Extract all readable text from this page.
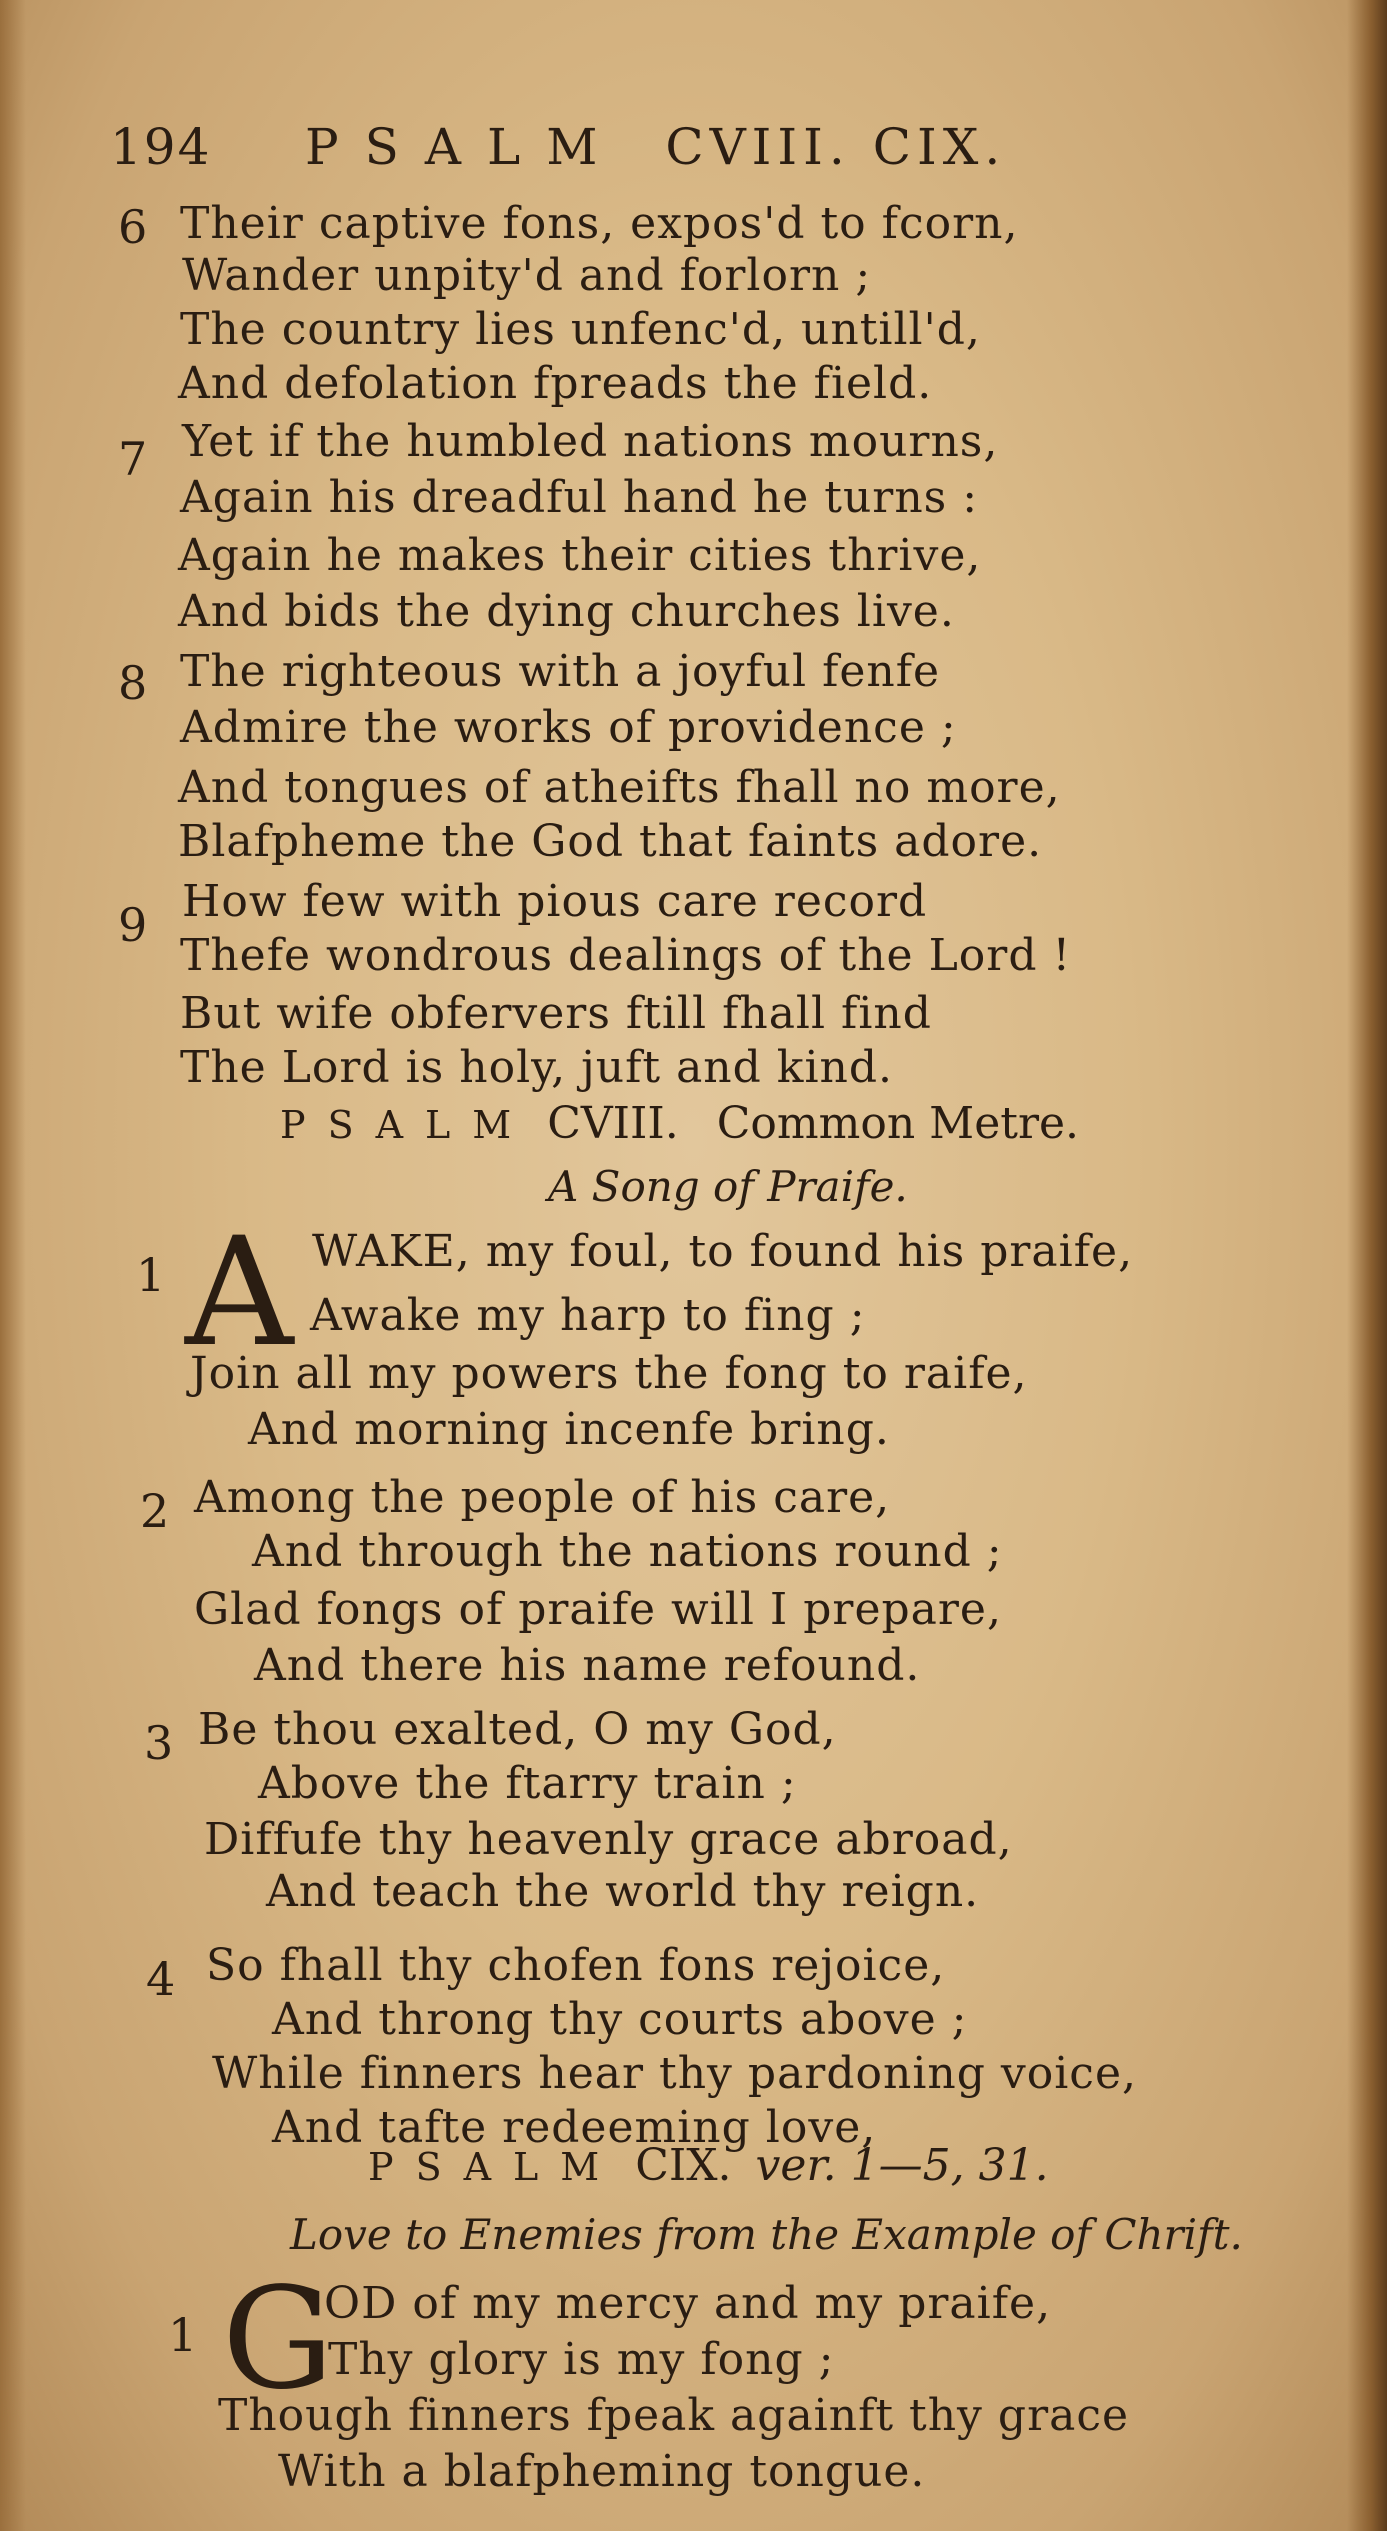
194 PSALM CVIII. CIX.
6 Their captive fons, expos'd to fcorn,
Wander unpity'd and forlorn ;
The country lies unfenc'd, untill'd,
And defolation fpreads the field.
7 Yet if the humbled nations mourns,
Again his dreadful hand he turns :
Again he makes their cities thrive,
And bids the dying churches live.
8 The righteous with a joyful fenfe
Admire the works of providence ;
And tongues of atheifts fhall no more,
Blafpheme the God that faints adore.
9 How few with pious care record
Thefe wondrous dealings of the Lord !
But wife obfervers ftill fhall find
The Lord is holy, juft and kind.
PSALM CVIII. Common Metre.
A Song of Praife.
1 A WAKE, my foul, to found his praife,
Awake my harp to fing ;
Join all my powers the fong to raife,
And morning incenfe bring.
2 Among the people of his care,
And through the nations round ;
Glad fongs of praife will I prepare,
And there his name refound.
3 Be thou exalted, O my God,
Above the ftarry train ;
Diffufe thy heavenly grace abroad,
And teach the world thy reign.
4 So fhall thy chofen fons rejoice,
And throng thy courts above ;
While finners hear thy pardoning voice,
And tafte redeeming love,
PSALM CIX. ver. 1—5, 31.
Love to Enemies from the Example of Chrift.
1 G
OD of my mercy and my praife,
Thy glory is my fong ;
Though finners fpeak againft thy grace
With a blafpheming tongue.
